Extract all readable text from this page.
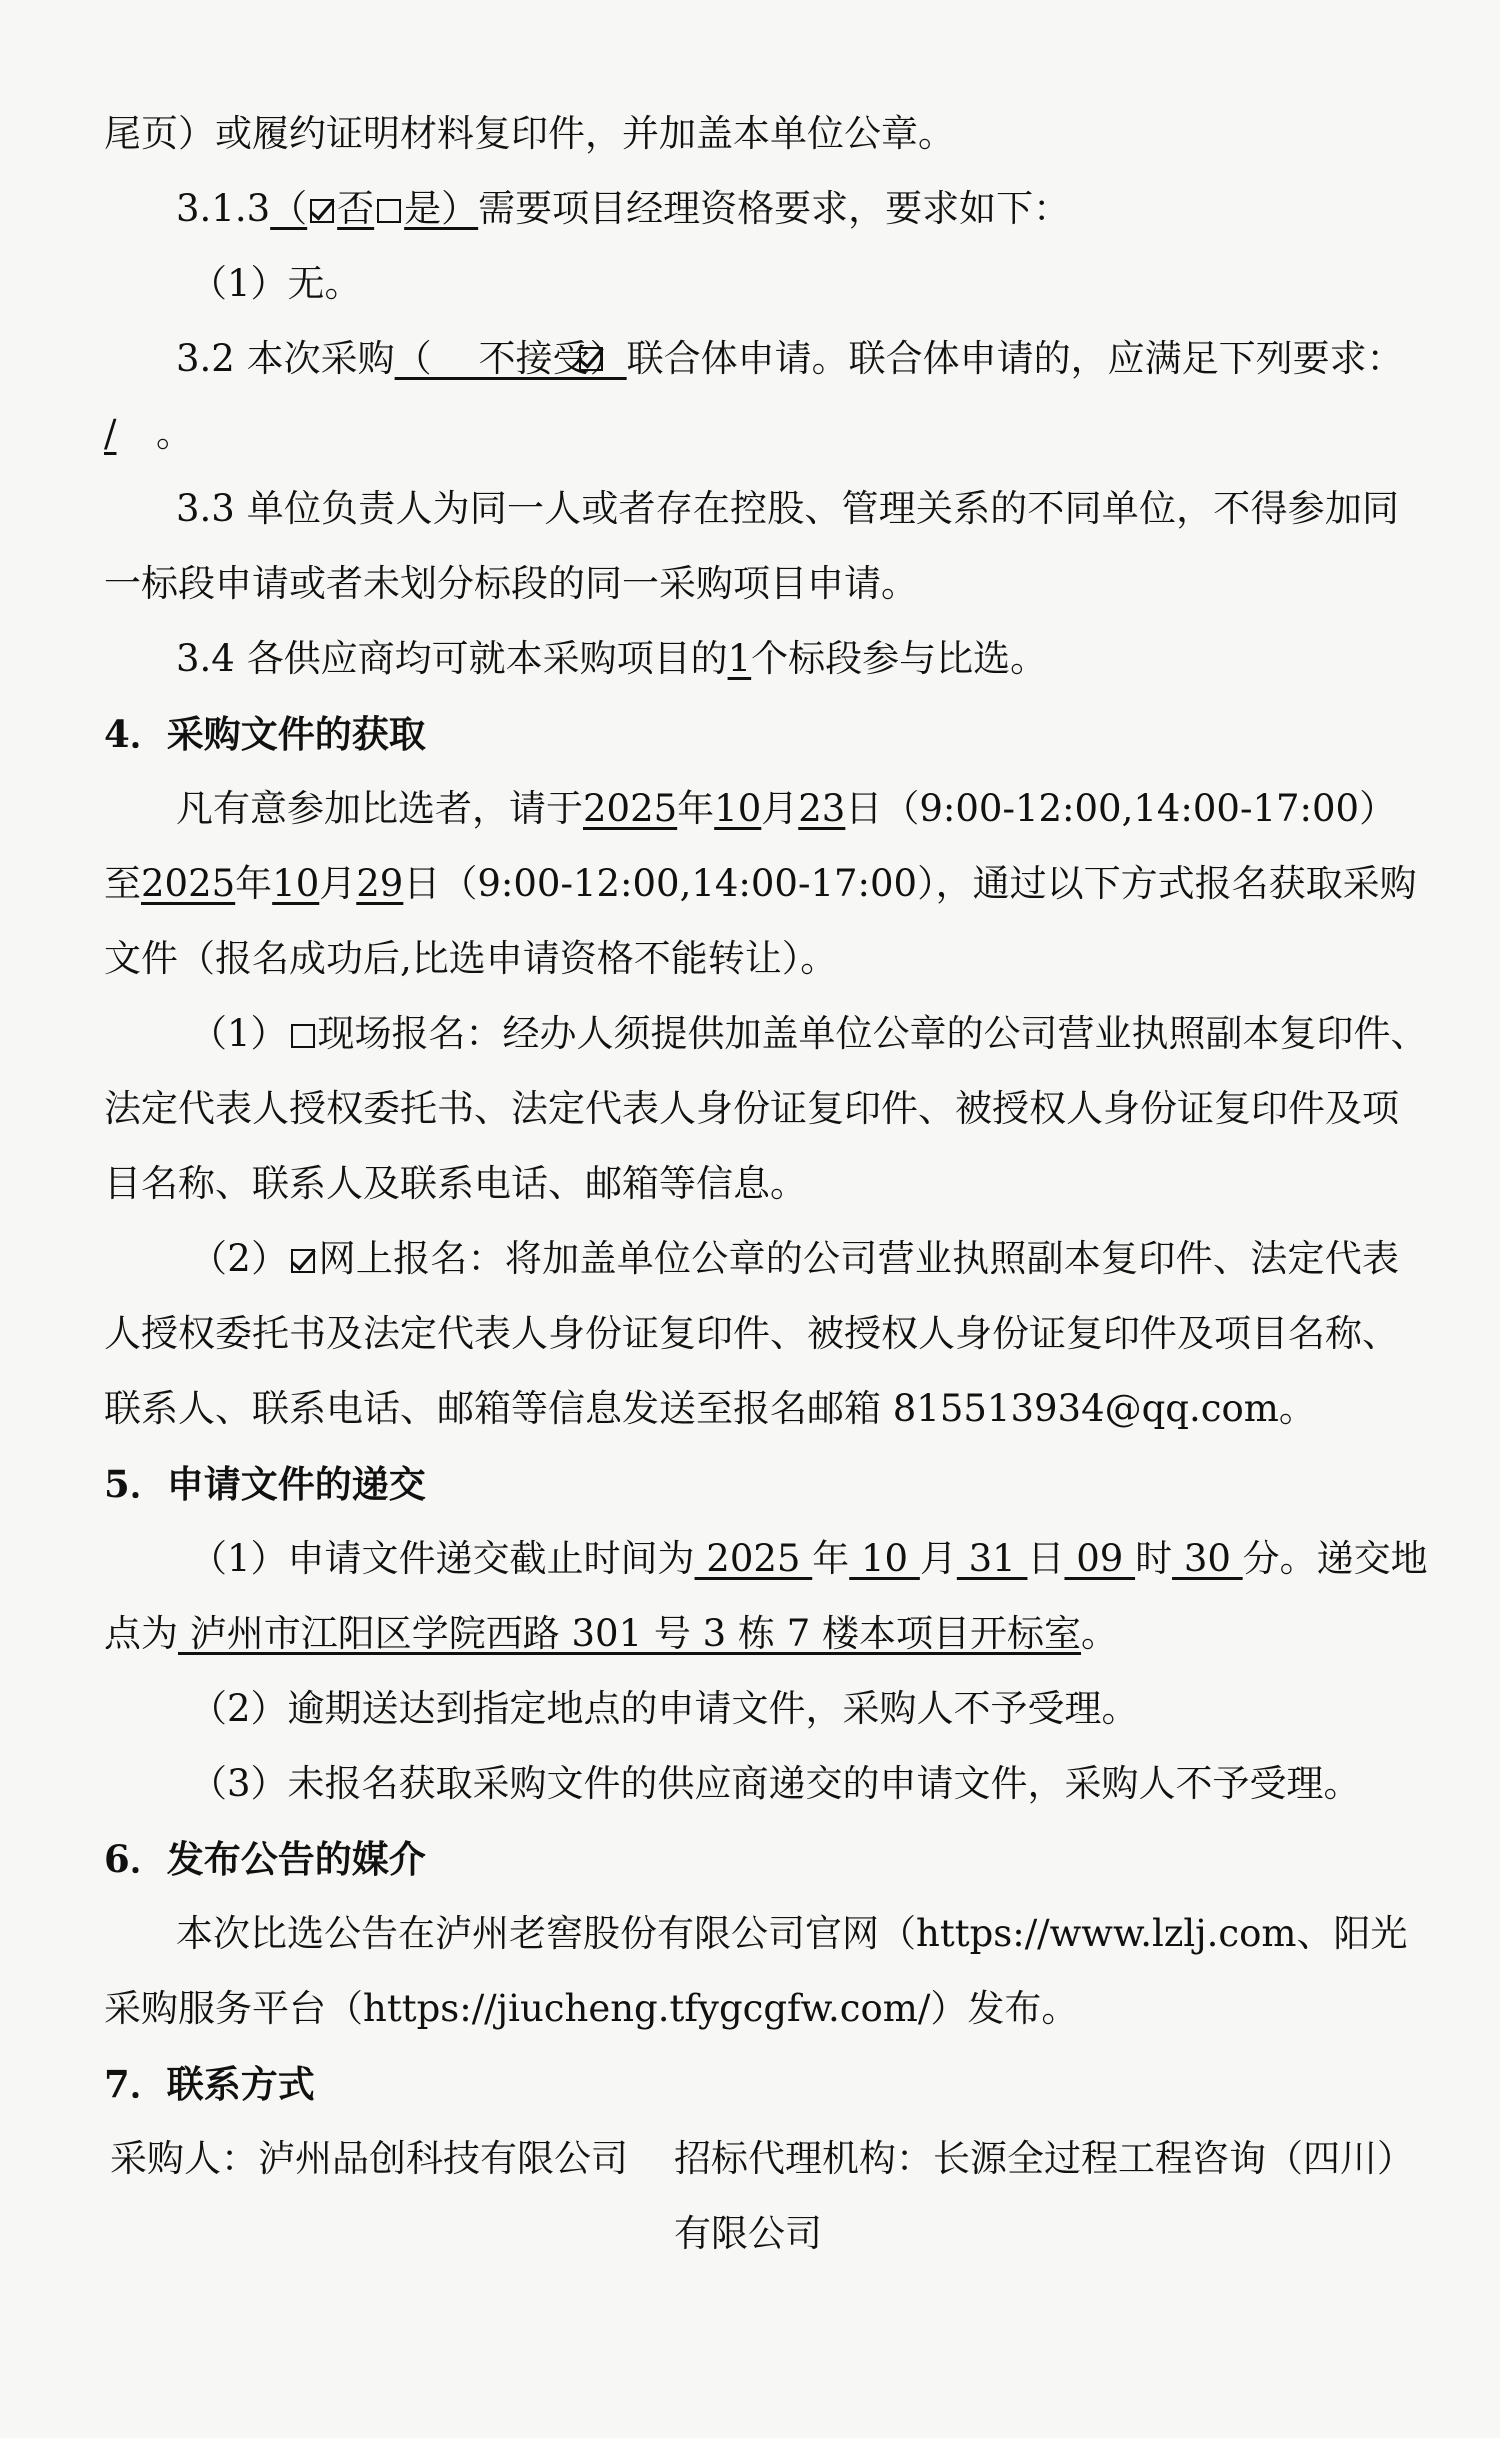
尾页）或履约证明材料复印件，并加盖本单位公章。
3.1.3（ 否 是）需要项目经理资格要求，要求如下：
（1）无。
3.2 本次采购
（    不接受）联合体申请。联合体申请的，应满足下列要求：
/ 。
3.3 单位负责人为同一人或者存在控股、管理关系的不同单位，不得参加同
一标段申请或者未划分标段的同一采购项目申请。
3.4 各供应商均可就本采购项目的1个标段参与比选。
4．采购文件的获取
凡有意参加比选者，请于2025年10月23日（9:00-12:00,14:00-17:00）
至2025年10月29日（9:00-12:00,14:00-17:00），通过以下方式报名获取采购
文件（报名成功后,比选申请资格不能转让）。
（1） 现场报名：经办人须提供加盖单位公章的公司营业执照副本复印件、
法定代表人授权委托书、法定代表人身份证复印件、被授权人身份证复印件及项
目名称、联系人及联系电话、邮箱等信息。
（2） 网上报名：将加盖单位公章的公司营业执照副本复印件、法定代表
人授权委托书及法定代表人身份证复印件、被授权人身份证复印件及项目名称、
联系人、联系电话、邮箱等信息发送至报名邮箱 815513934@qq.com。
5．申请文件的递交
（1）申请文件递交截止时间为 2025 年 10 月 31 日 09 时 30 分。递交地
点为 泸州市江阳区学院西路 301 号 3 栋 7 楼本项目开标室。
（2）逾期送达到指定地点的申请文件，采购人不予受理。
（3）未报名获取采购文件的供应商递交的申请文件，采购人不予受理。
6．发布公告的媒介
本次比选公告在泸州老窖股份有限公司官网（https://www.lzlj.com、阳光
采购服务平台（https://jiucheng.tfygcgfw.com/）发布。
7．联系方式
采购人：泸州品创科技有限公司	招标代理机构：长源全过程工程咨询（四川）
有限公司
